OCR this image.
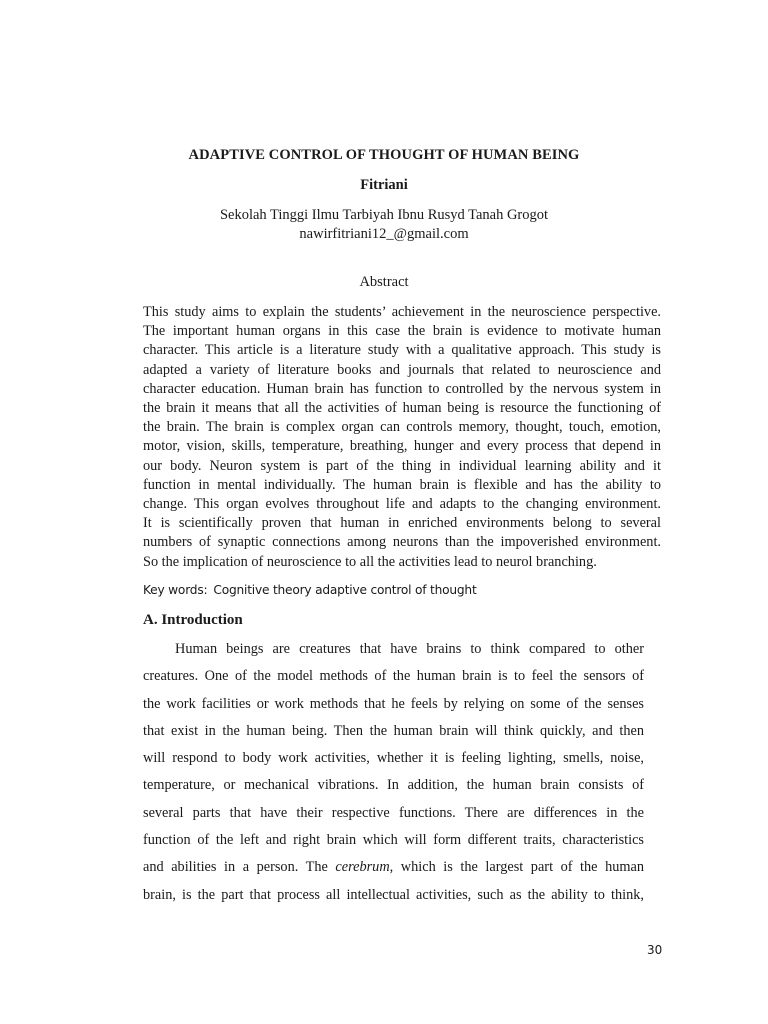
ADAPTIVE CONTROL OF THOUGHT OF HUMAN BEING
Fitriani
Sekolah Tinggi Ilmu Tarbiyah Ibnu Rusyd Tanah Grogot
nawirfitriani12_@gmail.com
Abstract
This study aims to explain the students’ achievement in the neuroscience perspective.
The important human organs in this case the brain is evidence to motivate human
character. This article is a literature study with a qualitative approach. This study is
adapted a variety of literature books and journals that related to neuroscience and
character education. Human brain has function to controlled by the nervous system in
the brain it means that all the activities of human being is resource the functioning of
the brain. The brain is complex organ can controls memory, thought, touch, emotion,
motor, vision, skills, temperature, breathing, hunger and every process that depend in
our body. Neuron system is part of the thing in individual learning ability and it
function in mental individually. The human brain is flexible and has the ability to
change. This organ evolves throughout life and adapts to the changing environment.
It is scientifically proven that human in enriched environments belong to several
numbers of synaptic connections among neurons than the impoverished environment.
So the implication of neuroscience to all the activities lead to neurol branching.
Key words: Cognitive theory adaptive control of thought
A. Introduction
Human beings are creatures that have brains to think compared to other
creatures. One of the model methods of the human brain is to feel the sensors of
the work facilities or work methods that he feels by relying on some of the senses
that exist in the human being. Then the human brain will think quickly, and then
will respond to body work activities, whether it is feeling lighting, smells, noise,
temperature, or mechanical vibrations. In addition, the human brain consists of
several parts that have their respective functions. There are differences in the
function of the left and right brain which will form different traits, characteristics
and abilities in a person. The cerebrum, which is the largest part of the human
brain, is the part that process all intellectual activities, such as the ability to think,
30
